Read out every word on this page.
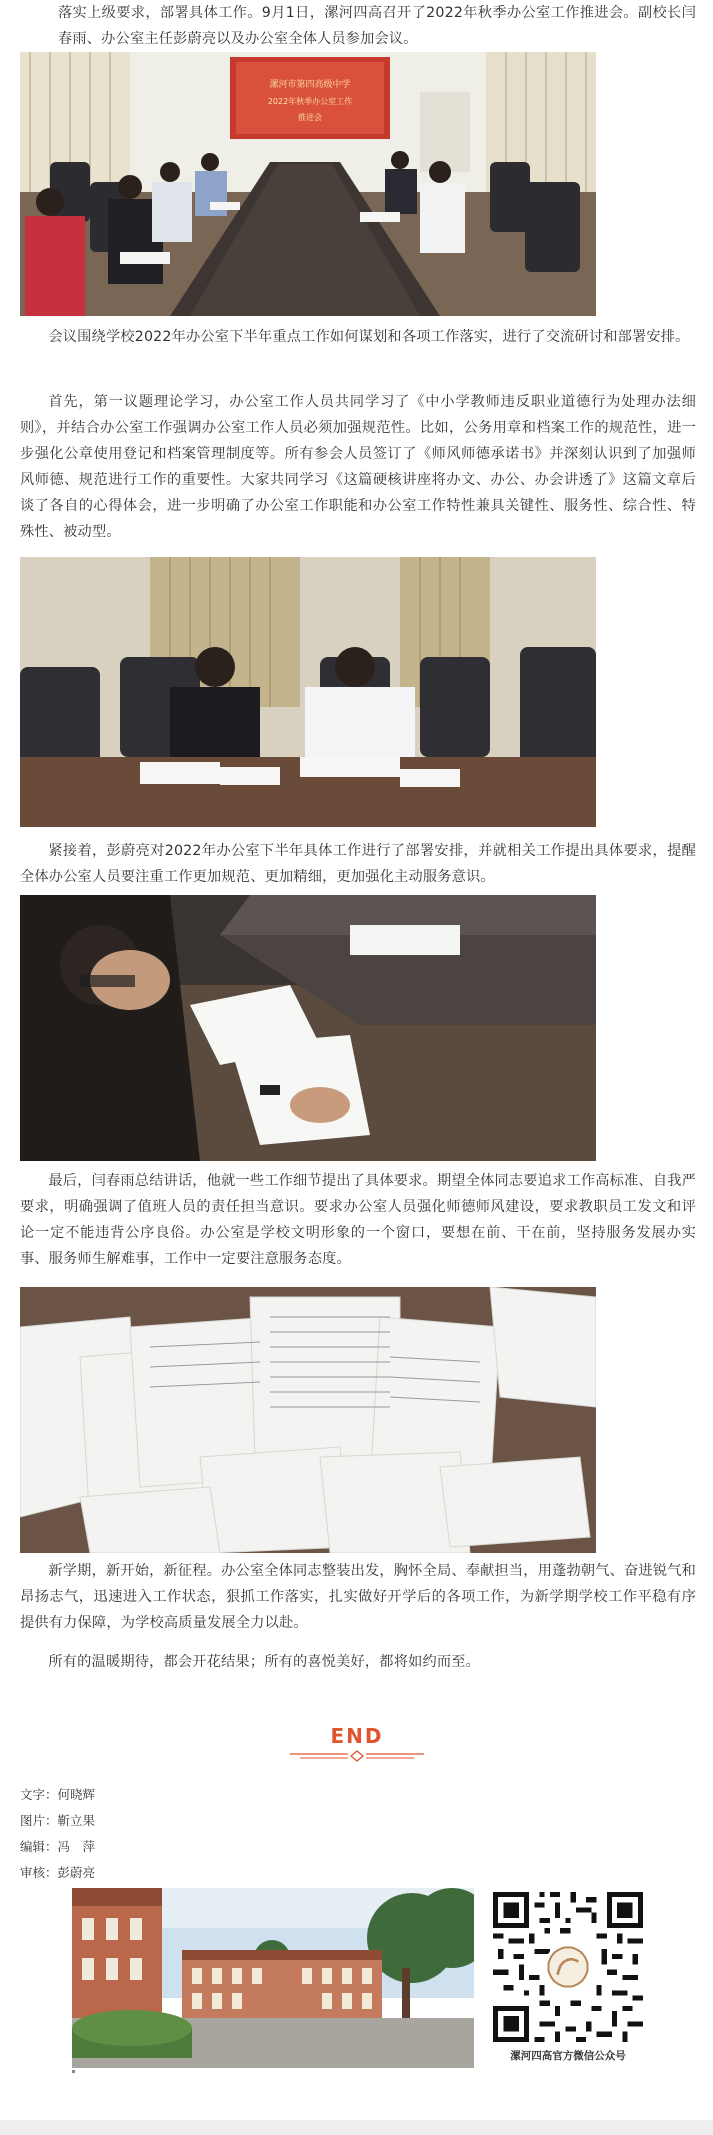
落实上级要求，部署具体工作。9月1日，漯河四高召开了2022年秋季办公室工作推进会。副校长闫春雨、办公室主任彭蔚亮以及办公室全体人员参加会议。

漯河市第四高级中学
2022年秋季办公室工作
推进会

会议围绕学校2022年办公室下半年重点工作如何谋划和各项工作落实，进行了交流研讨和部署安排。

首先，第一议题理论学习，办公室工作人员共同学习了《中小学教师违反职业道德行为处理办法细则》，并结合办公室工作强调办公室工作人员必须加强规范性。比如，公务用章和档案工作的规范性，进一步强化公章使用登记和档案管理制度等。所有参会人员签订了《师风师德承诺书》并深刻认识到了加强师风师德、规范进行工作的重要性。大家共同学习《这篇硬核讲座将办文、办公、办会讲透了》这篇文章后谈了各自的心得体会，进一步明确了办公室工作职能和办公室工作特性兼具关键性、服务性、综合性、特殊性、被动型。

紧接着，彭蔚亮对2022年办公室下半年具体工作进行了部署安排，并就相关工作提出具体要求，提醒全体办公室人员要注重工作更加规范、更加精细，更加强化主动服务意识。

最后，闫春雨总结讲话，他就一些工作细节提出了具体要求。期望全体同志要追求工作高标准、自我严要求，明确强调了值班人员的责任担当意识。要求办公室人员强化师德师风建设，要求教职员工发文和评论一定不能违背公序良俗。办公室是学校文明形象的一个窗口，要想在前、干在前，坚持服务发展办实事、服务师生解难事，工作中一定要注意服务态度。

新学期，新开始，新征程。办公室全体同志整装出发，胸怀全局、奉献担当，用蓬勃朝气、奋进锐气和昂扬志气，迅速进入工作状态，狠抓工作落实，扎实做好开学后的各项工作，为新学期学校工作平稳有序提供有力保障，为学校高质量发展全力以赴。

所有的温暖期待，都会开花结果；所有的喜悦美好，都将如约而至。

END
文字：何晓辉
图片：靳立果
编辑：冯　萍
审核：彭蔚亮
漯河四高官方微信公众号
